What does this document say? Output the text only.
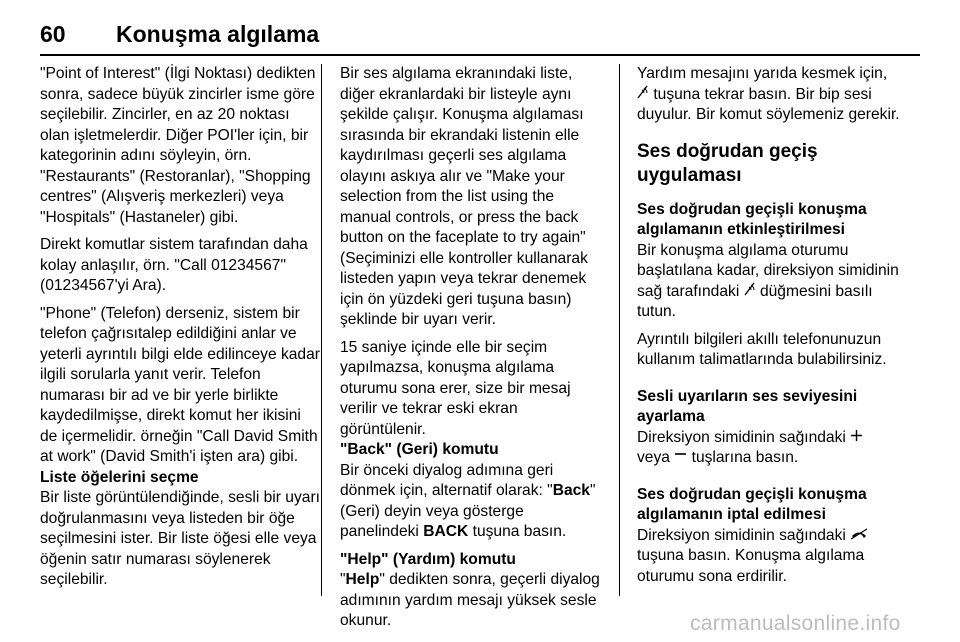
60	Konuşma algılama

"Point of Interest" (İlgi Noktası) dedikten sonra, sadece büyük zincirler isme göre seçilebilir. Zincirler, en az 20 noktası olan işletmelerdir. Diğer POI'ler için, bir kategorinin adını söyleyin, örn. "Restaurants" (Restoranlar), "Shopping centres" (Alışveriş merkezleri) veya "Hospitals" (Hastaneler) gibi.

Direkt komutlar sistem tarafından daha kolay anlaşılır, örn. "Call 01234567" (01234567'yi Ara).

"Phone" (Telefon) derseniz, sistem bir telefon çağrısıtalep edildiğini anlar ve yeterli ayrıntılı bilgi elde edilinceye kadar ilgili sorularla yanıt verir. Telefon numarası bir ad ve bir yerle birlikte kaydedilmişse, direkt komut her ikisini de içermelidir. örneğin "Call David Smith at work" (David Smith'i işten ara) gibi.

Liste öğelerini seçme

Bir liste görüntülendiğinde, sesli bir uyarı doğrulanmasını veya listeden bir öğe seçilmesini ister. Bir liste öğesi elle veya öğenin satır numarası söylenerek seçilebilir.

Bir ses algılama ekranındaki liste, diğer ekranlardaki bir listeyle aynı şekilde çalışır. Konuşma algılaması sırasında bir ekrandaki listenin elle kaydırılması geçerli ses algılama olayını askıya alır ve "Make your selection from the list using the manual controls, or press the back button on the faceplate to try again" (Seçiminizi elle kontroller kullanarak listeden yapın veya tekrar denemek için ön yüzdeki geri tuşuna basın) şeklinde bir uyarı verir.

15 saniye içinde elle bir seçim yapılmazsa, konuşma algılama oturumu sona erer, size bir mesaj verilir ve tekrar eski ekran görüntülenir.

"Back" (Geri) komutu

Bir önceki diyalog adımına geri dönmek için, alternatif olarak: "Back" (Geri) deyin veya gösterge panelindeki BACK tuşuna basın.

"Help" (Yardım) komutu

"Help" dedikten sonra, geçerli diyalog adımının yardım mesajı yüksek sesle okunur.

Yardım mesajını yarıda kesmek için,
tuşuna tekrar basın. Bir bip sesi duyulur. Bir komut söylemeniz gerekir.

Ses doğrudan geçiş uygulaması
Ses doğrudan geçişli konuşma algılamanın etkinleştirilmesi

Bir konuşma algılama oturumu başlatılana kadar, direksiyon simidinin sağ tarafındaki  düğmesini basılı tutun.

Ayrıntılı bilgileri akıllı telefonunuzun kullanım talimatlarında bulabilirsiniz.

Sesli uyarıların ses seviyesini ayarlama

Direksiyon simidinin sağındaki
veya  tuşlarına basın.

Ses doğrudan geçişli konuşma algılamanın iptal edilmesi

Direksiyon simidinin sağındaki
tuşuna basın. Konuşma algılama oturumu sona erdirilir.

carmanualsonline.info
